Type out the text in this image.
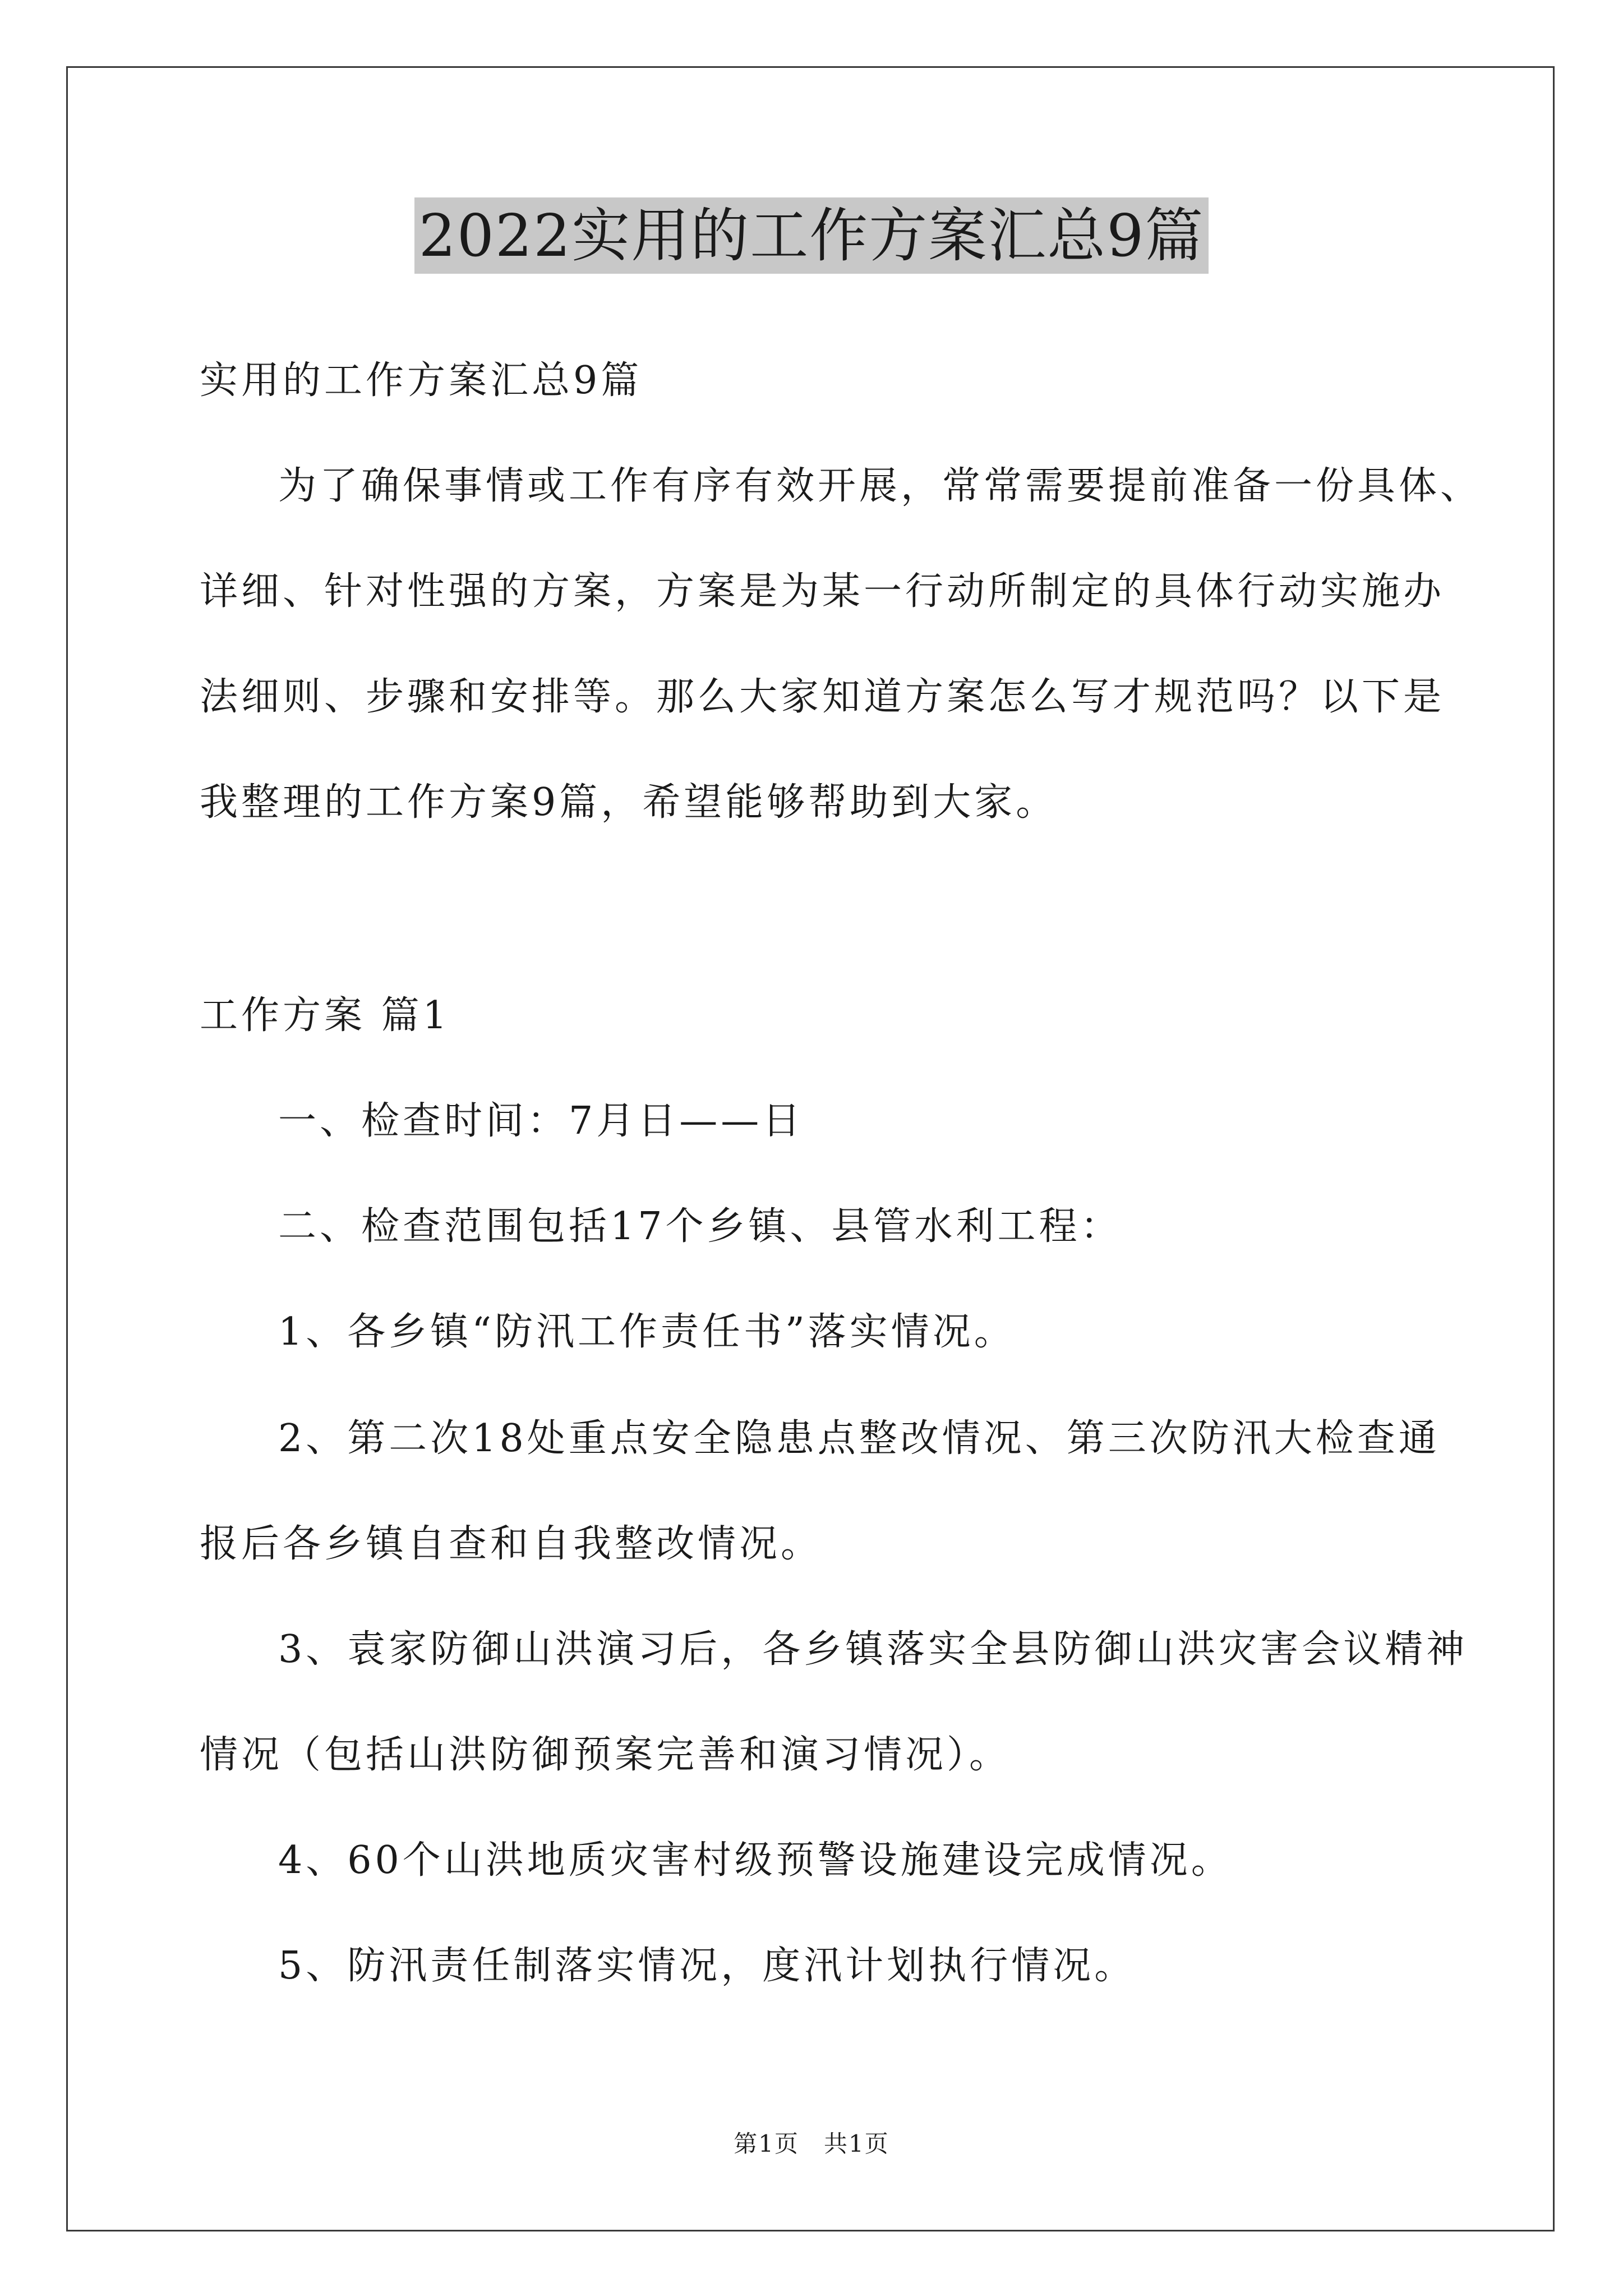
2022实用的工作方案汇总9篇
实用的工作方案汇总9篇
为了确保事情或工作有序有效开展，常常需要提前准备一份具体、
详细、针对性强的方案，方案是为某一行动所制定的具体行动实施办
法细则、步骤和安排等。那么大家知道方案怎么写才规范吗？以下是
我整理的工作方案9篇，希望能够帮助到大家。
工作方案 篇1
一、检查时间：7月日——日
二、检查范围包括17个乡镇、县管水利工程：
1、各乡镇“防汛工作责任书”落实情况。
2、第二次18处重点安全隐患点整改情况、第三次防汛大检查通
报后各乡镇自查和自我整改情况。
3、袁家防御山洪演习后，各乡镇落实全县防御山洪灾害会议精神
情况（包括山洪防御预案完善和演习情况）。
4、60个山洪地质灾害村级预警设施建设完成情况。
5、防汛责任制落实情况，度汛计划执行情况。
第1页　共1页
